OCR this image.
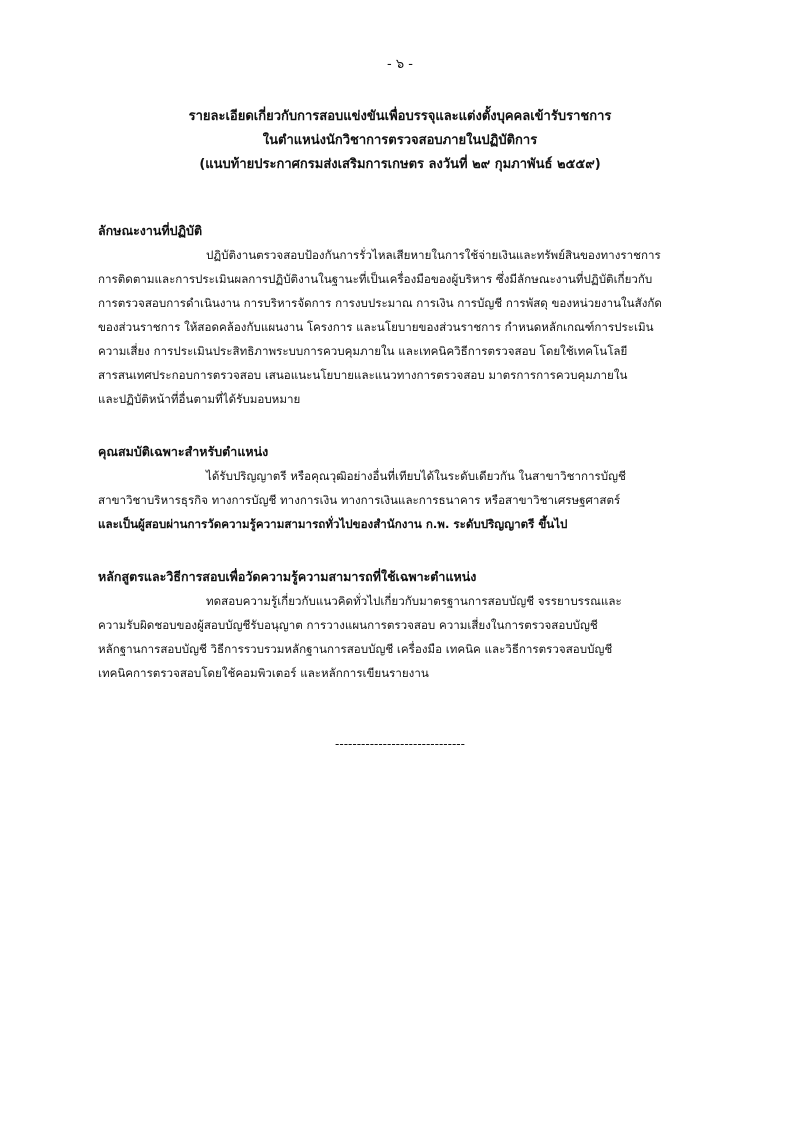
- ๖ -
รายละเอียดเกี่ยวกับการสอบแข่งขันเพื่อบรรจุและแต่งตั้งบุคคลเข้ารับราชการ
ในตำแหน่งนักวิชาการตรวจสอบภายในปฏิบัติการ
(แนบท้ายประกาศกรมส่งเสริมการเกษตร ลงวันที่ ๒๙ กุมภาพันธ์ ๒๕๕๙)
ลักษณะงานที่ปฏิบัติ
ปฏิบัติงานตรวจสอบป้องกันการรั่วไหลเสียหายในการใช้จ่ายเงินและทรัพย์สินของทางราชการ
การติดตามและการประเมินผลการปฏิบัติงานในฐานะที่เป็นเครื่องมือของผู้บริหาร ซึ่งมีลักษณะงานที่ปฏิบัติเกี่ยวกับ
การตรวจสอบการดำเนินงาน การบริหารจัดการ การงบประมาณ การเงิน การบัญชี การพัสดุ ของหน่วยงานในสังกัด
ของส่วนราชการ ให้สอดคล้องกับแผนงาน โครงการ และนโยบายของส่วนราชการ กำหนดหลักเกณฑ์การประเมิน
ความเสี่ยง การประเมินประสิทธิภาพระบบการควบคุมภายใน และเทคนิควิธีการตรวจสอบ โดยใช้เทคโนโลยี
สารสนเทศประกอบการตรวจสอบ เสนอแนะนโยบายและแนวทางการตรวจสอบ มาตรการการควบคุมภายใน
และปฏิบัติหน้าที่อื่นตามที่ได้รับมอบหมาย
คุณสมบัติเฉพาะสำหรับตำแหน่ง
ได้รับปริญญาตรี หรือคุณวุฒิอย่างอื่นที่เทียบได้ในระดับเดียวกัน ในสาขาวิชาการบัญชี
สาขาวิชาบริหารธุรกิจ ทางการบัญชี ทางการเงิน ทางการเงินและการธนาคาร หรือสาขาวิชาเศรษฐศาสตร์
และเป็นผู้สอบผ่านการวัดความรู้ความสามารถทั่วไปของสำนักงาน ก.พ. ระดับปริญญาตรี ขึ้นไป
หลักสูตรและวิธีการสอบเพื่อวัดความรู้ความสามารถที่ใช้เฉพาะตำแหน่ง
ทดสอบความรู้เกี่ยวกับแนวคิดทั่วไปเกี่ยวกับมาตรฐานการสอบบัญชี จรรยาบรรณและ
ความรับผิดชอบของผู้สอบบัญชีรับอนุญาต การวางแผนการตรวจสอบ ความเสี่ยงในการตรวจสอบบัญชี
หลักฐานการสอบบัญชี วิธีการรวบรวมหลักฐานการสอบบัญชี เครื่องมือ เทคนิค และวิธีการตรวจสอบบัญชี
เทคนิคการตรวจสอบโดยใช้คอมพิวเตอร์ และหลักการเขียนรายงาน
------------------------------
